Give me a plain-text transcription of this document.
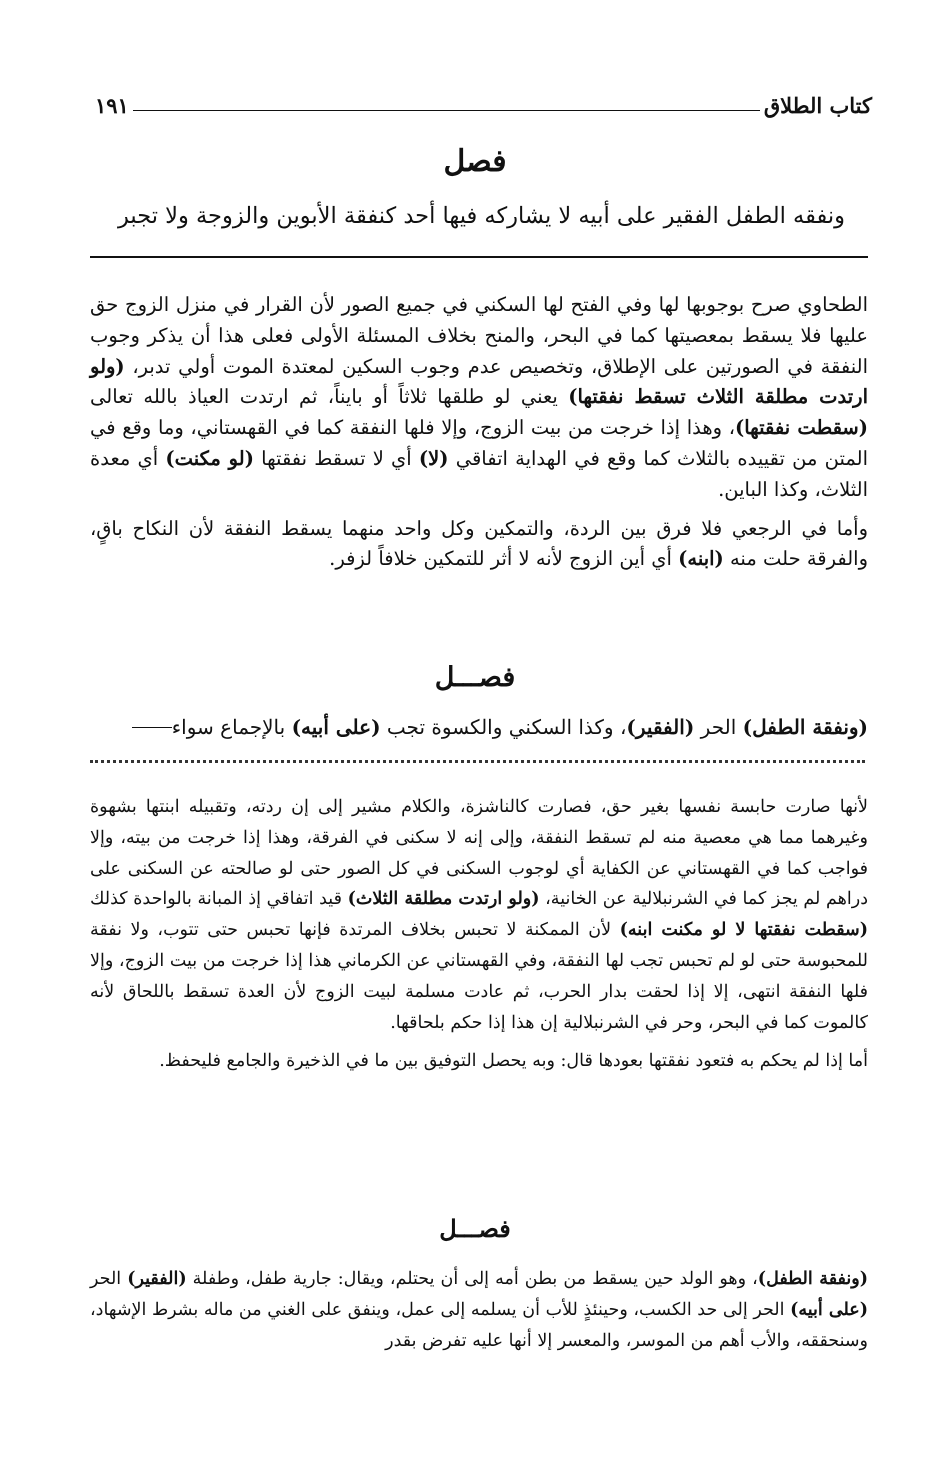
كتاب الطلاق
١٩١
فصل
ونفقه الطفل الفقير على أبيه لا يشاركه فيها أحد كنفقة الأبوين والزوجة ولا تجبر

الطحاوي صرح بوجوبها لها وفي الفتح لها السكني في جميع الصور لأن القرار في منزل الزوج حق عليها فلا يسقط بمعصيتها كما في البحر، والمنح بخلاف المسئلة الأولى فعلى هذا أن يذكر وجوب النفقة في الصورتين على الإطلاق، وتخصيص عدم وجوب السكين لمعتدة الموت أولي تدبر، (ولو ارتدت مطلقة الثلاث تسقط نفقتها) يعني لو طلقها ثلاثاً أو بايناً، ثم ارتدت العياذ بالله تعالى (سقطت نفقتها)، وهذا إذا خرجت من بيت الزوج، وإلا فلها النفقة كما في القهستاني، وما وقع في المتن من تقييده بالثلاث كما وقع في الهداية اتفاقي (لا) أي لا تسقط نفقتها (لو مكنت) أي معدة الثلاث، وكذا الباين.

وأما في الرجعي فلا فرق بين الردة، والتمكين وكل واحد منهما يسقط النفقة لأن النكاح باقٍ، والفرقة حلت منه (ابنه) أي أين الزوج لأنه لا أثر للتمكين خلافاً لزفر.

فصـــل
(ونفقة الطفل) الحر (الفقير)، وكذا السكني والكسوة تجب (على أبيه) بالإجماع سواء

لأنها صارت حابسة نفسها بغير حق، فصارت كالناشزة، والكلام مشير إلى إن ردته، وتقبيله ابنتها بشهوة وغيرهما مما هي معصية منه لم تسقط النفقة، وإلى إنه لا سكنى في الفرقة، وهذا إذا خرجت من بيته، وإلا فواجب كما في القهستاني عن الكفاية أي لوجوب السكنى في كل الصور حتى لو صالحته عن السكنى على دراهم لم يجز كما في الشرنبلالية عن الخانية، (ولو ارتدت مطلقة الثلاث) قيد اتفاقي إذ المبانة بالواحدة كذلك (سقطت نفقتها لا لو مكنت ابنه) لأن الممكنة لا تحبس بخلاف المرتدة فإنها تحبس حتى تتوب، ولا نفقة للمحبوسة حتى لو لم تحبس تجب لها النفقة، وفي القهستاني عن الكرماني هذا إذا خرجت من بيت الزوج، وإلا فلها النفقة انتهى، إلا إذا لحقت بدار الحرب، ثم عادت مسلمة لبيت الزوج لأن العدة تسقط باللحاق لأنه كالموت كما في البحر، وحر في الشرنبلالية إن هذا إذا حكم بلحاقها.

أما إذا لم يحكم به فتعود نفقتها بعودها قال: وبه يحصل التوفيق بين ما في الذخيرة والجامع فليحفظ.

فصـــل

(ونفقة الطفل)، وهو الولد حين يسقط من بطن أمه إلى أن يحتلم، ويقال: جارية طفل، وطفلة (الفقير) الحر (على أبيه) الحر إلى حد الكسب، وحينئذٍ للأب أن يسلمه إلى عمل، وينفق على الغني من ماله بشرط الإشهاد، وسنحققه، والأب أهم من الموسر، والمعسر إلا أنها عليه تفرض بقدر
